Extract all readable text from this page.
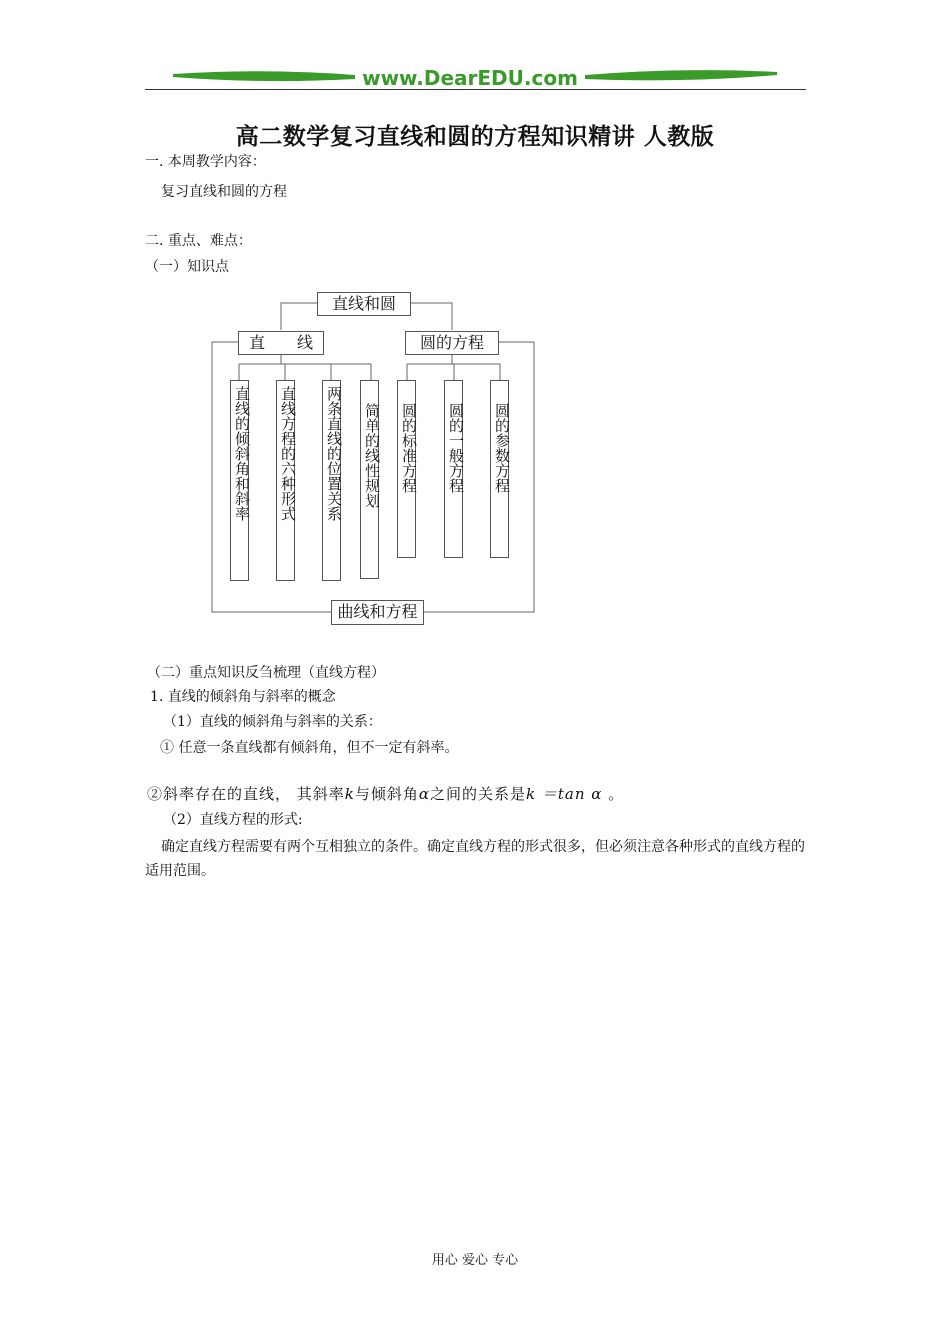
www.DearEDU.com
高二数学复习直线和圆的方程知识精讲 人教版
一. 本周教学内容：
复习直线和圆的方程
二. 重点、难点：
（一）知识点
直线和圆
直　　线	圆的方程
曲线和方程
直线的倾斜角和斜率 直线方程的六种形式 两条直线的位置关系 简单的线性规划 圆的标准方程 圆的一般方程 圆的参数方程
（二）重点知识反刍梳理（直线方程）
1. 直线的倾斜角与斜率的概念
（1）直线的倾斜角与斜率的关系：
① 任意一条直线都有倾斜角，但不一定有斜率。
②斜率存在的直线， 其斜率k与倾斜角α之间的关系是k ＝tan α 。
（2）直线方程的形式:
确定直线方程需要有两个互相独立的条件。确定直线方程的形式很多，但必须注意各种形式的直线方程的适用范围。
用心 爱心 专心
